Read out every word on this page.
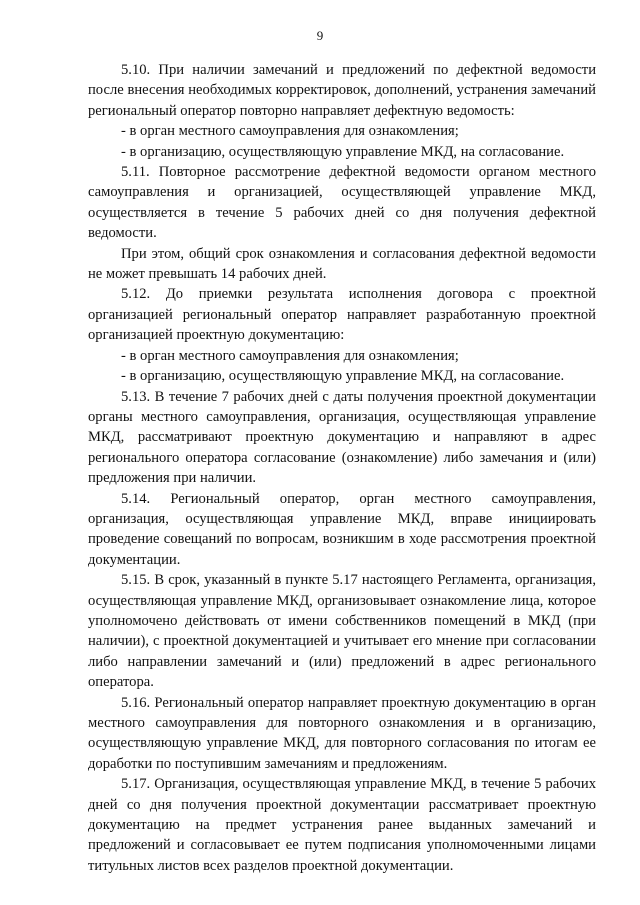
9

5.10. При наличии замечаний и предложений по дефектной ведомости после внесения необходимых корректировок, дополнений, устранения замечаний региональный оператор повторно направляет дефектную ведомость:

- в орган местного самоуправления для ознакомления;

- в организацию, осуществляющую управление МКД, на согласование.

5.11. Повторное рассмотрение дефектной ведомости органом местного самоуправления и организацией, осуществляющей управление МКД, осуществляется в течение 5 рабочих дней со дня получения дефектной ведомости.

При этом, общий срок ознакомления и согласования дефектной ведомости не может превышать 14 рабочих дней.

5.12. До приемки результата исполнения договора с проектной организацией региональный оператор направляет разработанную проектной организацией проектную документацию:

- в орган местного самоуправления для ознакомления;

- в организацию, осуществляющую управление МКД, на согласование.

5.13. В течение 7 рабочих дней с даты получения проектной документации органы местного самоуправления, организация, осуществляющая управление МКД, рассматривают проектную документацию и направляют в адрес регионального оператора согласование (ознакомление) либо замечания и (или) предложения при наличии.

5.14. Региональный оператор, орган местного самоуправления, организация, осуществляющая управление МКД, вправе инициировать проведение совещаний по вопросам, возникшим в ходе рассмотрения проектной документации.

5.15. В срок, указанный в пункте 5.17 настоящего Регламента, организация, осуществляющая управление МКД, организовывает ознакомление лица, которое уполномочено действовать от имени собственников помещений в МКД (при наличии), с проектной документацией и учитывает его мнение при согласовании либо направлении замечаний и (или) предложений в адрес регионального оператора.

5.16. Региональный оператор направляет проектную документацию в орган местного самоуправления для повторного ознакомления и в организацию, осуществляющую управление МКД, для повторного согласования по итогам ее доработки по поступившим замечаниям и предложениям.

5.17. Организация, осуществляющая управление МКД, в течение 5 рабочих дней со дня получения проектной документации рассматривает проектную документацию на предмет устранения ранее выданных замечаний и предложений и согласовывает ее путем подписания уполномоченными лицами титульных листов всех разделов проектной документации.
